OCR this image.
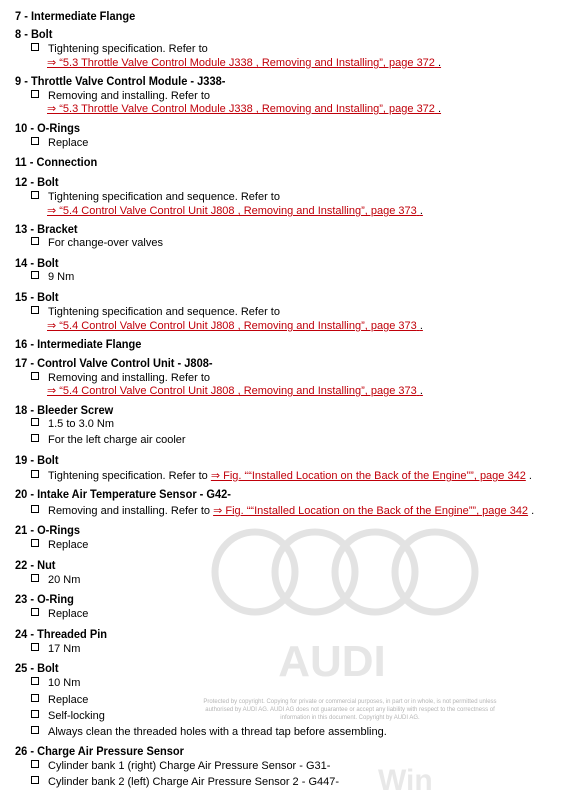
AUDI
Win
Protected by copyright. Copying for private or commercial purposes, in part or in whole, is not permitted unless authorised by AUDI AG. AUDI AG does not guarantee or accept any liability with respect to the correctness of information in this document. Copyright by AUDI AG.
7 - Intermediate Flange
8 - Bolt
Tightening specification. Refer to
⇒ “5.3 Throttle Valve Control Module J338 , Removing and Installing”, page 372 .
9 - Throttle Valve Control Module - J338-
Removing and installing. Refer to
⇒ “5.3 Throttle Valve Control Module J338 , Removing and Installing”, page 372 .
10 - O-Rings
Replace
11 - Connection
12 - Bolt
Tightening specification and sequence. Refer to
⇒ “5.4 Control Valve Control Unit J808 , Removing and Installing”, page 373 .
13 - Bracket
For change-over valves
14 - Bolt
9 Nm
15 - Bolt
Tightening specification and sequence. Refer to
⇒ “5.4 Control Valve Control Unit J808 , Removing and Installing”, page 373 .
16 - Intermediate Flange
17 - Control Valve Control Unit - J808-
Removing and installing. Refer to
⇒ “5.4 Control Valve Control Unit J808 , Removing and Installing”, page 373 .
18 - Bleeder Screw
1.5 to 3.0 Nm
For the left charge air cooler
19 - Bolt
Tightening specification. Refer to ⇒ Fig. ““Installed Location on the Back of the Engine””, page 342 .
20 - Intake Air Temperature Sensor - G42-
Removing and installing. Refer to ⇒ Fig. ““Installed Location on the Back of the Engine””, page 342 .
21 - O-Rings
Replace
22 - Nut
20 Nm
23 - O-Ring
Replace
24 - Threaded Pin
17 Nm
25 - Bolt
10 Nm
Replace
Self-locking
Always clean the threaded holes with a thread tap before assembling.
26 - Charge Air Pressure Sensor
Cylinder bank 1 (right) Charge Air Pressure Sensor - G31-
Cylinder bank 2 (left) Charge Air Pressure Sensor 2 - G447-
